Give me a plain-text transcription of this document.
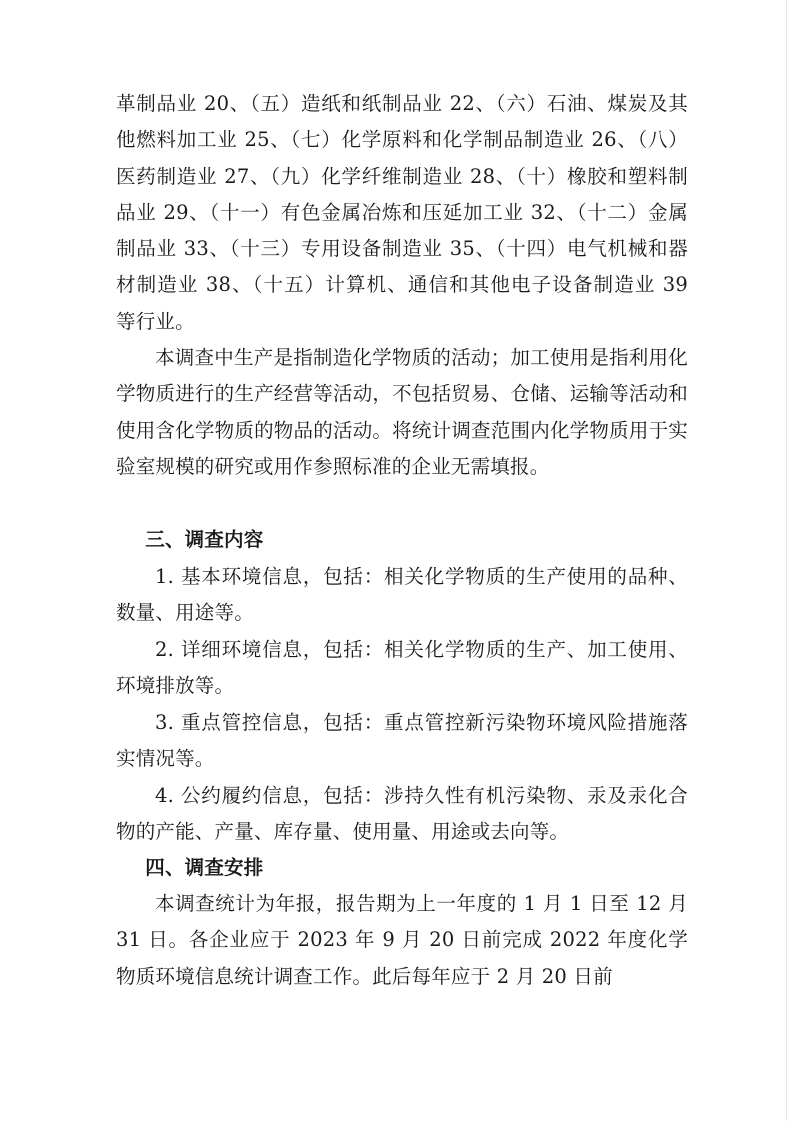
革制品业 20、（五）造纸和纸制品业 22、（六）石油、煤炭及其他燃料加工业 25、（七）化学原料和化学制品制造业 26、（八）医药制造业 27、（九）化学纤维制造业 28、（十）橡胶和塑料制品业 29、（十一）有色金属冶炼和压延加工业 32、（十二）金属制品业 33、（十三）专用设备制造业 35、（十四）电气机械和器材制造业 38、（十五）计算机、通信和其他电子设备制造业 39 等行业。

本调查中生产是指制造化学物质的活动；加工使用是指利用化学物质进行的生产经营等活动，不包括贸易、仓储、运输等活动和使用含化学物质的物品的活动。将统计调查范围内化学物质用于实验室规模的研究或用作参照标准的企业无需填报。

三、调查内容

1. 基本环境信息，包括：相关化学物质的生产使用的品种、数量、用途等。

2. 详细环境信息，包括：相关化学物质的生产、加工使用、环境排放等。

3. 重点管控信息，包括：重点管控新污染物环境风险措施落实情况等。

4. 公约履约信息，包括：涉持久性有机污染物、汞及汞化合物的产能、产量、库存量、使用量、用途或去向等。

四、调查安排

本调查统计为年报，报告期为上一年度的 1 月 1 日至 12 月 31 日。各企业应于 2023 年 9 月 20 日前完成 2022 年度化学物质环境信息统计调查工作。此后每年应于 2 月 20 日前
